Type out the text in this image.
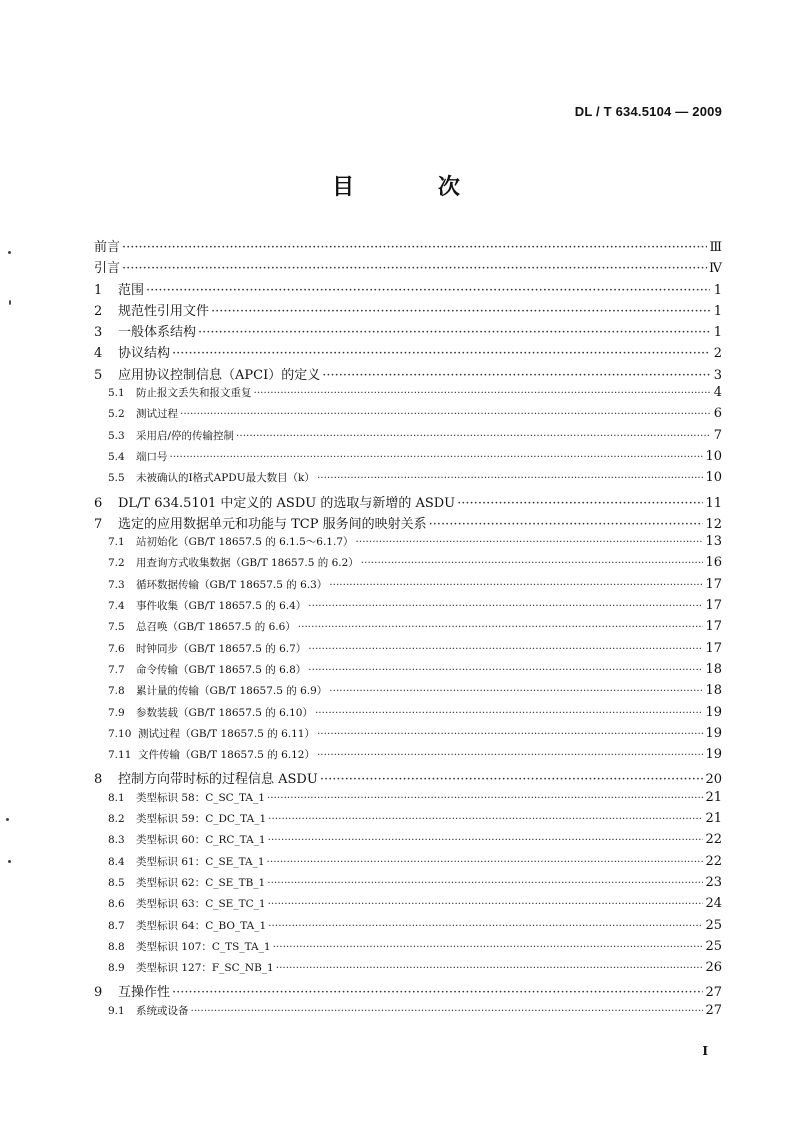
DL / T 634.5104 — 2009
目 次
前言 ·····	Ⅲ
引言 ·····	Ⅳ
1	范围 ·····	1
2	规范性引用文件 ·····	1
3	一般体系结构 ·····	1
4	协议结构 ·····	2
5	应用协议控制信息（APCI）的定义 ·····	3
5.1	防止报文丢失和报文重复 ·····	4
5.2	测试过程 ·····	6
5.3	采用启/停的传输控制 ·····	7
5.4	端口号 ·····	10
5.5	未被确认的Ⅰ格式APDU最大数目（k） ·····	10
6	DL/T 634.5101 中定义的 ASDU 的选取与新增的 ASDU ·····	11
7	选定的应用数据单元和功能与 TCP 服务间的映射关系 ·····	12
7.1	站初始化（GB/T 18657.5 的 6.1.5～6.1.7） ·····	13
7.2	用查询方式收集数据（GB/T 18657.5 的 6.2） ·····	16
7.3	循环数据传输（GB/T 18657.5 的 6.3） ·····	17
7.4	事件收集（GB/T 18657.5 的 6.4） ·····	17
7.5	总召唤（GB/T 18657.5 的 6.6） ·····	17
7.6	时钟同步（GB/T 18657.5 的 6.7） ·····	17
7.7	命令传输（GB/T 18657.5 的 6.8） ·····	18
7.8	累计量的传输（GB/T 18657.5 的 6.9） ·····	18
7.9	参数装载（GB/T 18657.5 的 6.10） ·····	19
7.10 测试过程（GB/T 18657.5 的 6.11） ·····	19
7.11 文件传输（GB/T 18657.5 的 6.12） ·····	19
8	控制方向带时标的过程信息 ASDU ·····	20
8.1	类型标识 58：C_SC_TA_1 ·····	21
8.2	类型标识 59：C_DC_TA_1 ·····	21
8.3	类型标识 60：C_RC_TA_1 ·····	22
8.4	类型标识 61：C_SE_TA_1 ·····	22
8.5	类型标识 62：C_SE_TB_1 ·····	23
8.6	类型标识 63：C_SE_TC_1 ·····	24
8.7	类型标识 64：C_BO_TA_1 ·····	25
8.8	类型标识 107：C_TS_TA_1 ·····	25
8.9	类型标识 127：F_SC_NB_1 ·····	26
9	互操作性 ·····	27
9.1	系统或设备 ·····	27
I
